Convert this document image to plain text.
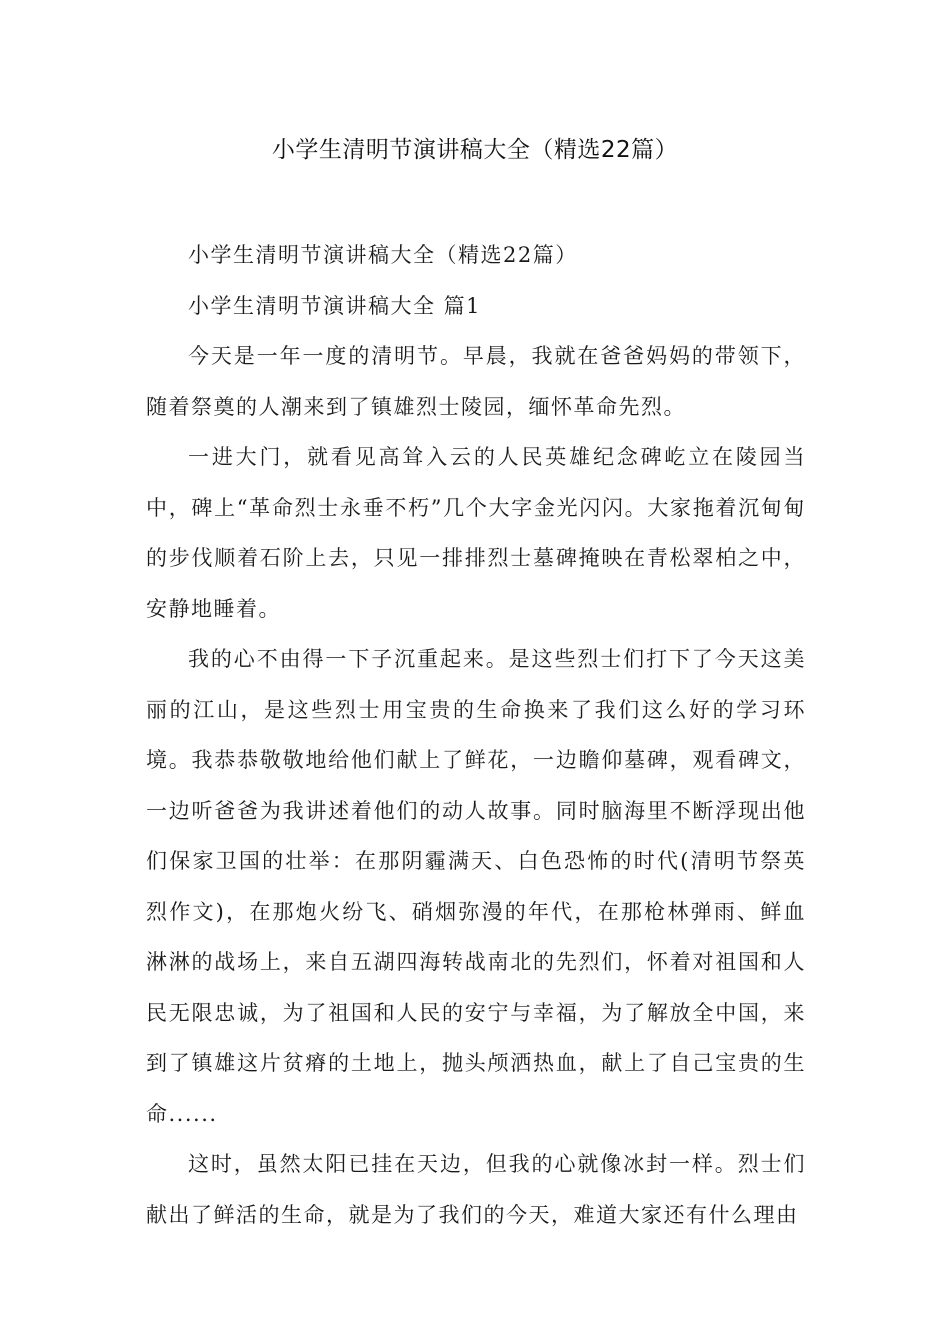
小学生清明节演讲稿大全（精选22篇）

小学生清明节演讲稿大全（精选22篇）

小学生清明节演讲稿大全 篇1

今天是一年一度的清明节。早晨，我就在爸爸妈妈的带领下，随着祭奠的人潮来到了镇雄烈士陵园，缅怀革命先烈。

一进大门，就看见高耸入云的人民英雄纪念碑屹立在陵园当中，碑上“革命烈士永垂不朽”几个大字金光闪闪。大家拖着沉甸甸的步伐顺着石阶上去，只见一排排烈士墓碑掩映在青松翠柏之中，安静地睡着。

我的心不由得一下子沉重起来。是这些烈士们打下了今天这美丽的江山，是这些烈士用宝贵的生命换来了我们这么好的学习环境。我恭恭敬敬地给他们献上了鲜花，一边瞻仰墓碑，观看碑文，一边听爸爸为我讲述着他们的动人故事。同时脑海里不断浮现出他们保家卫国的壮举：在那阴霾满天、白色恐怖的时代(清明节祭英烈作文)，在那炮火纷飞、硝烟弥漫的年代，在那枪林弹雨、鲜血淋淋的战场上，来自五湖四海转战南北的先烈们，怀着对祖国和人民无限忠诚，为了祖国和人民的安宁与幸福，为了解放全中国，来到了镇雄这片贫瘠的土地上，抛头颅洒热血，献上了自己宝贵的生命......

这时，虽然太阳已挂在天边，但我的心就像冰封一样。烈士们献出了鲜活的生命，就是为了我们的今天，难道大家还有什么理由
